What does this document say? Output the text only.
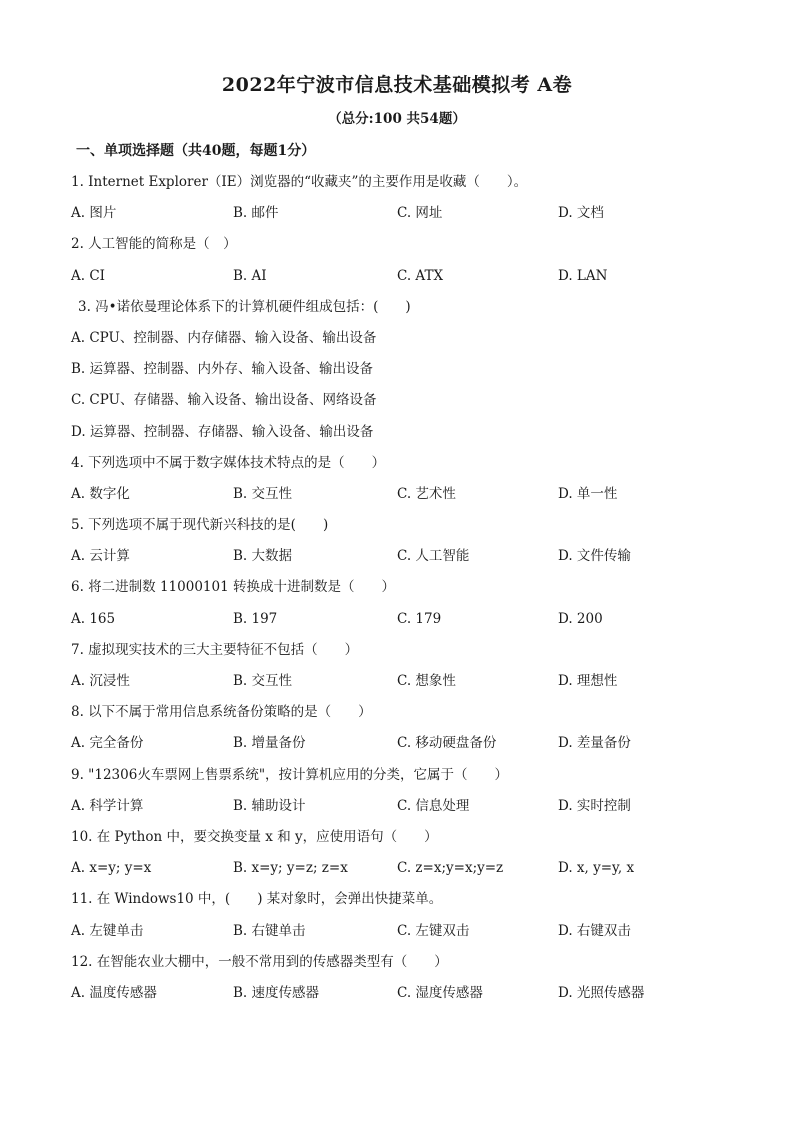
2022年宁波市信息技术基础模拟考 A卷
（总分:100 共54题）
一、单项选择题（共40题，每题1分）
1. Internet Explorer（IE）浏览器的“收藏夹”的主要作用是收藏（　　）。
A. 图片	B. 邮件	C. 网址	D. 文档
2. 人工智能的简称是（　）
A. CI	B. AI	C. ATX	D. LAN
3. 冯•诺依曼理论体系下的计算机硬件组成包括：(　　)
A. CPU、控制器、内存储器、输入设备、输出设备
B. 运算器、控制器、内外存、输入设备、输出设备
C. CPU、存储器、输入设备、输出设备、网络设备
D. 运算器、控制器、存储器、输入设备、输出设备
4. 下列选项中不属于数字媒体技术特点的是（　　）
A. 数字化	B. 交互性	C. 艺术性	D. 单一性
5. 下列选项不属于现代新兴科技的是(　　)
A. 云计算	B. 大数据	C. 人工智能	D. 文件传输
6. 将二进制数 11000101 转换成十进制数是（　　）
A. 165	B. 197	C. 179	D. 200
7. 虚拟现实技术的三大主要特征不包括（　　）
A. 沉浸性	B. 交互性	C. 想象性	D. 理想性
8. 以下不属于常用信息系统备份策略的是（　　）
A. 完全备份	B. 增量备份	C. 移动硬盘备份	D. 差量备份
9. "12306火车票网上售票系统"，按计算机应用的分类，它属于（　　）
A. 科学计算	B. 辅助设计	C. 信息处理	D. 实时控制
10. 在 Python 中，要交换变量 x 和 y，应使用语句（　　）
A. x=y; y=x	B. x=y; y=z; z=x	C. z=x;y=x;y=z	D. x, y=y, x
11. 在 Windows10 中，(　　) 某对象时，会弹出快捷菜单。
A. 左键单击	B. 右键单击	C. 左键双击	D. 右键双击
12. 在智能农业大棚中，一般不常用到的传感器类型有（　　）
A. 温度传感器	B. 速度传感器	C. 湿度传感器	D. 光照传感器
